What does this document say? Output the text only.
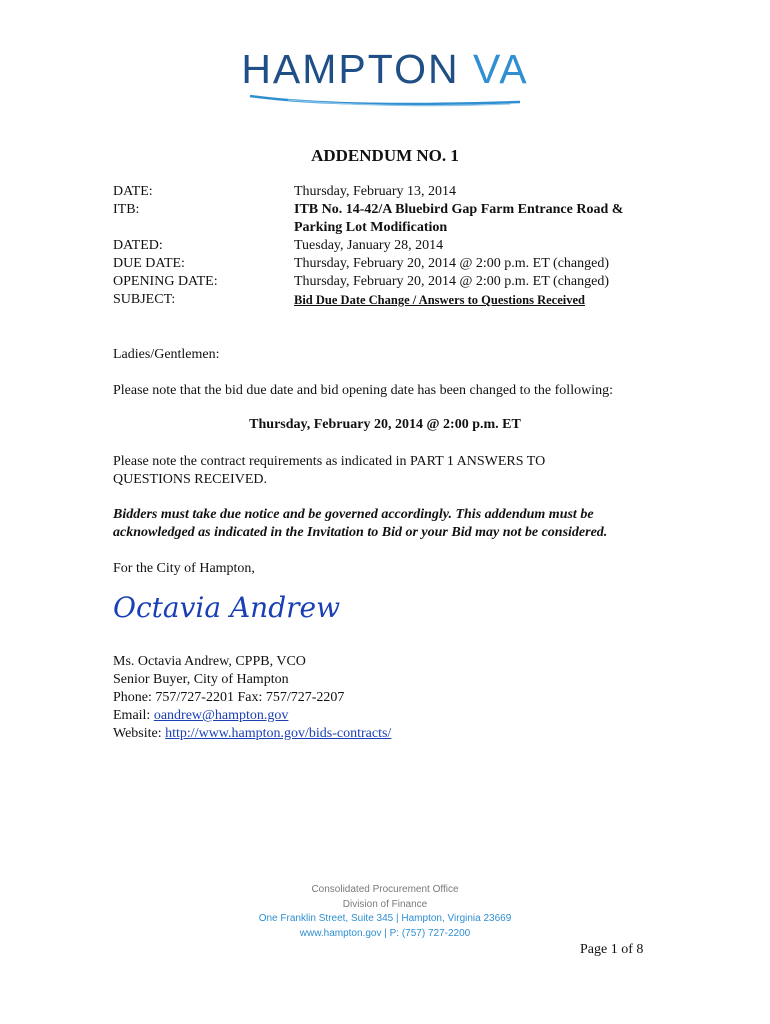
HAMPTON VA
ADDENDUM NO. 1
DATE:	Thursday, February 13, 2014
ITB:	ITB No. 14-42/A Bluebird Gap Farm Entrance Road & Parking Lot Modification
DATED:	Tuesday, January 28, 2014
DUE DATE:	Thursday, February 20, 2014 @ 2:00 p.m. ET (changed)
OPENING DATE:	Thursday, February 20, 2014 @ 2:00 p.m. ET (changed)
SUBJECT:	Bid Due Date Change / Answers to Questions Received
Ladies/Gentlemen:
Please note that the bid due date and bid opening date has been changed to the following:
Thursday, February 20, 2014 @ 2:00 p.m. ET
Please note the contract requirements as indicated in PART 1 ANSWERS TO QUESTIONS RECEIVED.
Bidders must take due notice and be governed accordingly. This addendum must be acknowledged as indicated in the Invitation to Bid or your Bid may not be considered.
For the City of Hampton,
Octavia Andrew
Ms. Octavia Andrew, CPPB, VCO
Senior Buyer, City of Hampton
Phone: 757/727-2201 Fax: 757/727-2207
Email: oandrew@hampton.gov
Website: http://www.hampton.gov/bids-contracts/
Consolidated Procurement Office
Division of Finance
One Franklin Street, Suite 345 | Hampton, Virginia 23669
www.hampton.gov | P: (757) 727-2200
Page 1 of 8
